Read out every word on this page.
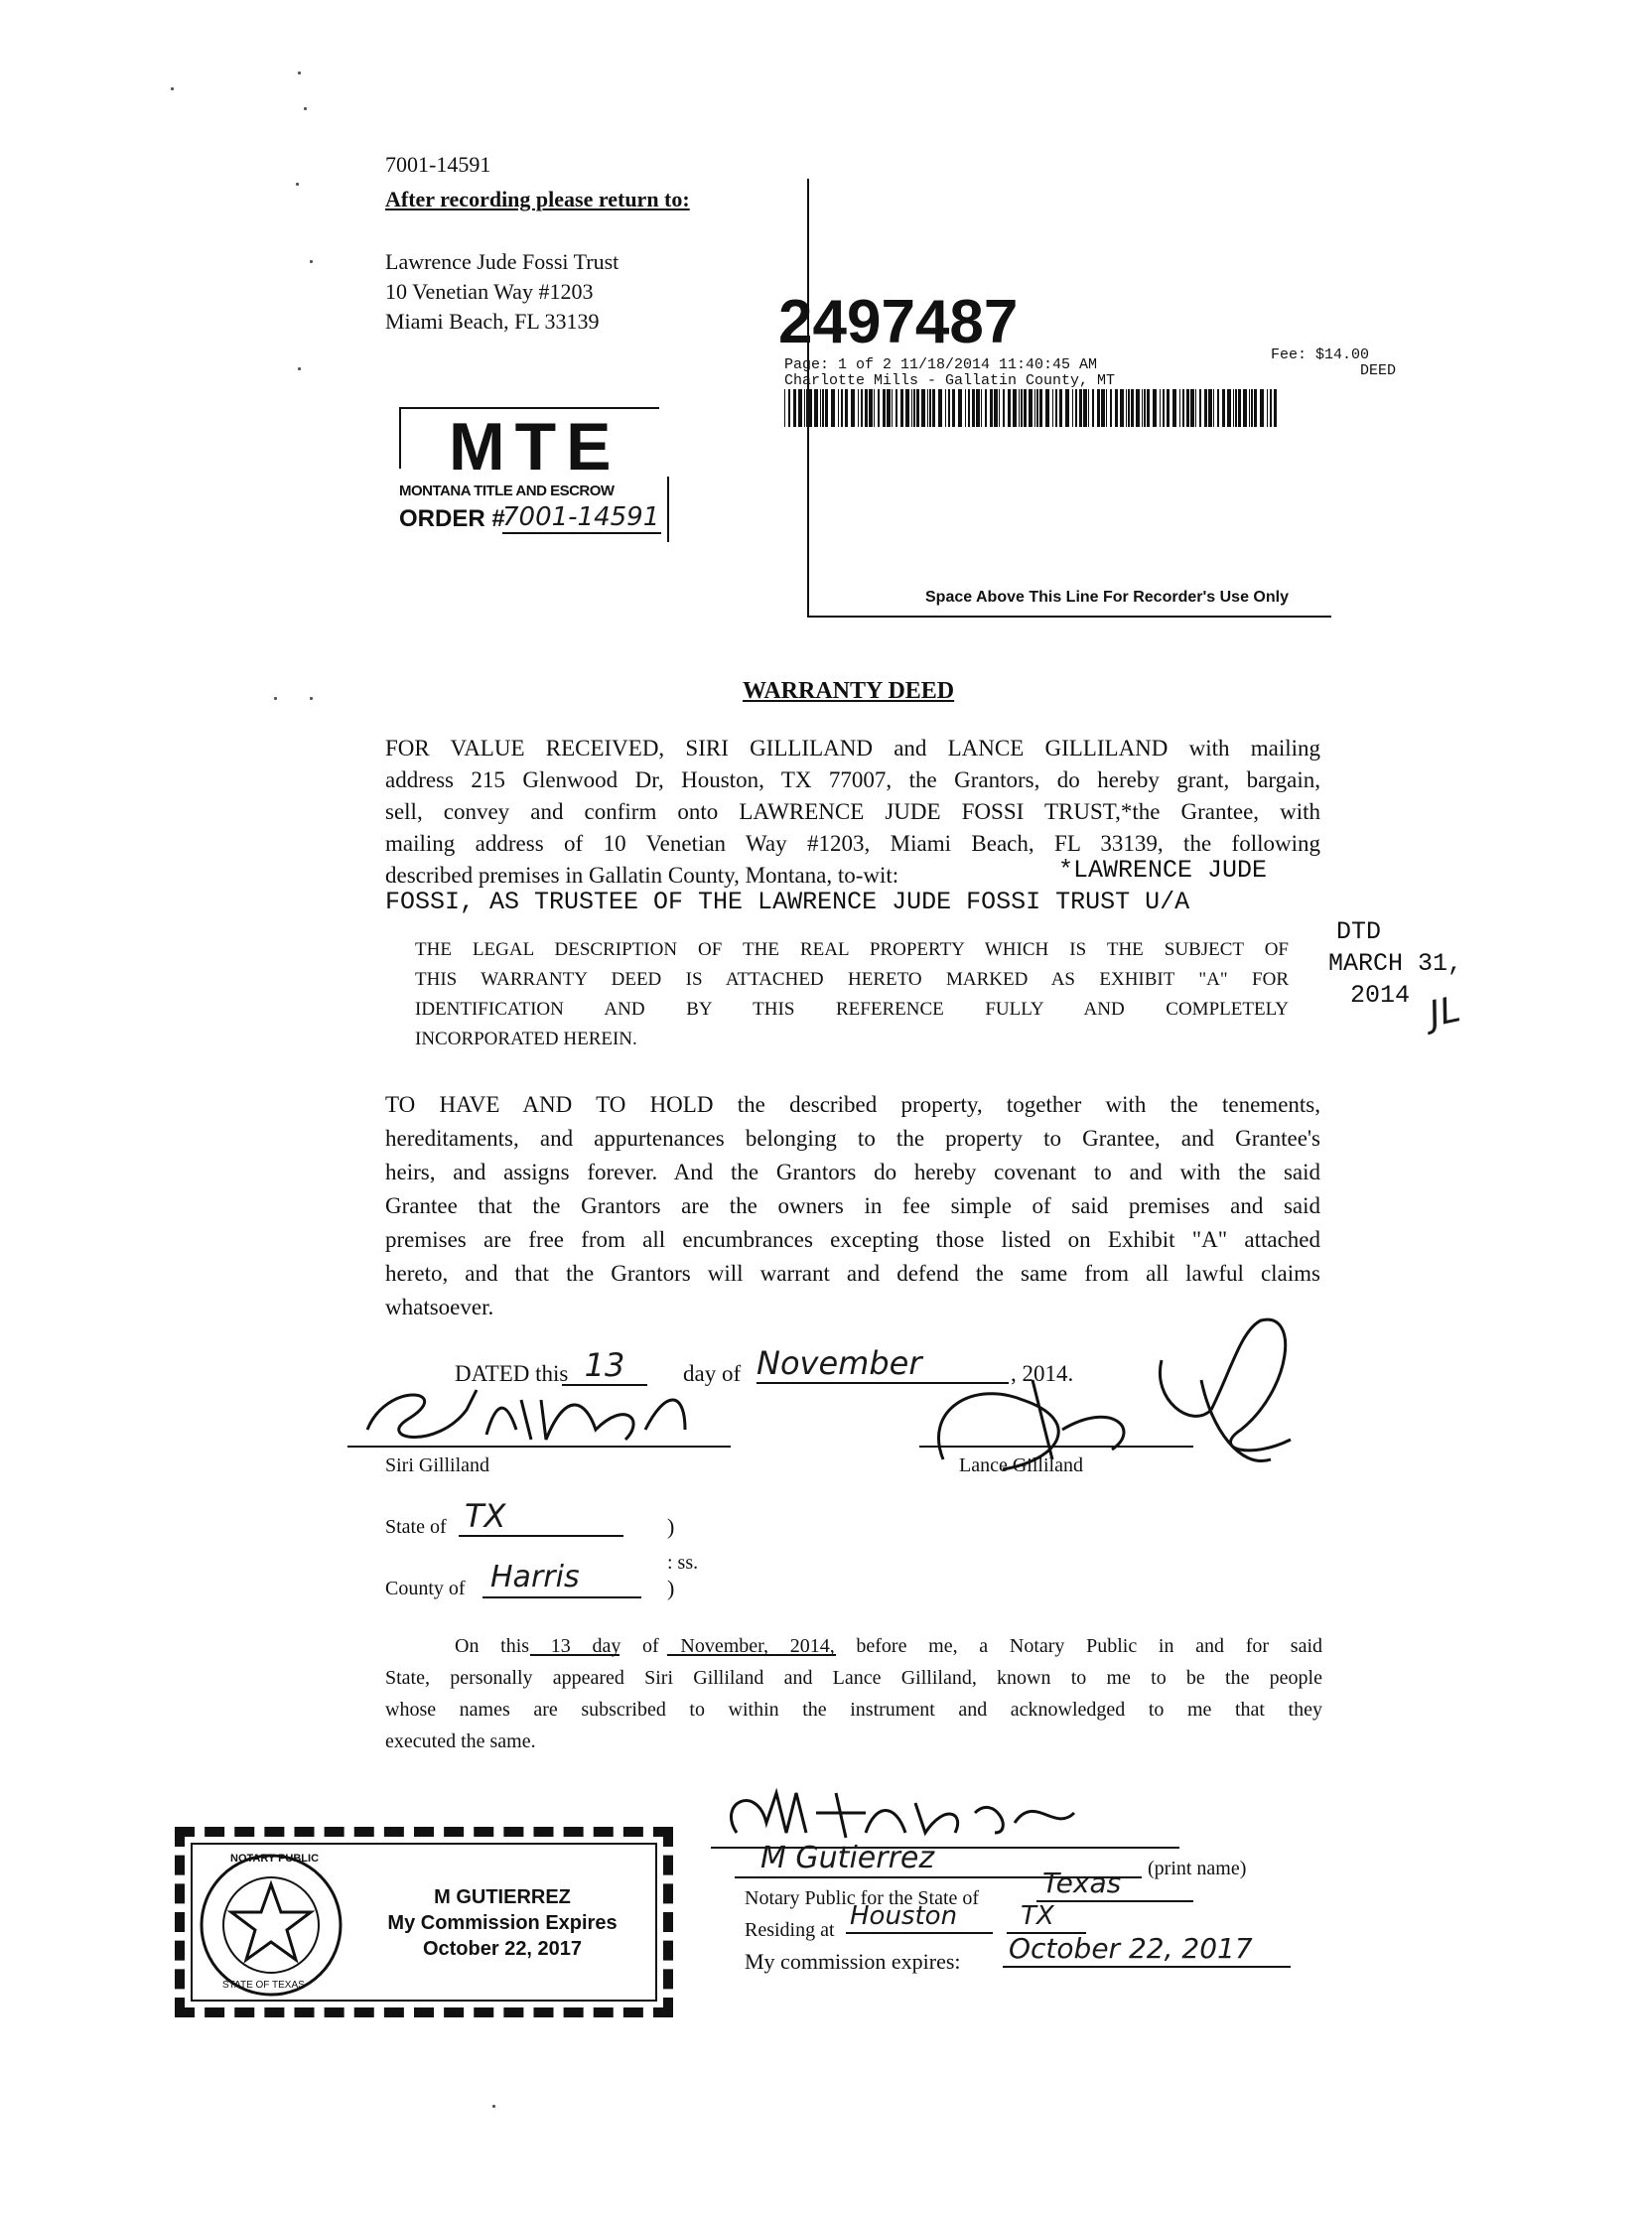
7001-14591
After recording please return to:
Lawrence Jude Fossi Trust
10 Venetian Way #1203
Miami Beach, FL 33139	2497487
Page: 1 of 2 11/18/2014 11:40:45 AM
Fee: $14.00
DEED
Charlotte Mills - Gallatin County, MT
Space Above This Line For Recorder's Use Only
MTE
MONTANA TITLE AND ESCROW
ORDER #
7001-14591
WARRANTY DEED
FOR VALUE RECEIVED, SIRI GILLILAND and LANCE GILLILAND with mailing
address 215 Glenwood Dr, Houston, TX 77007, the Grantors, do hereby grant, bargain,
sell, convey and confirm onto LAWRENCE JUDE FOSSI TRUST,*the Grantee, with
mailing address of 10 Venetian Way #1203, Miami Beach, FL 33139, the following
described premises in Gallatin County, Montana, to-wit:	*LAWRENCE JUDE
FOSSI, AS TRUSTEE OF THE LAWRENCE JUDE FOSSI TRUST U/A
DTD
MARCH 31,
2014 JL
THE LEGAL DESCRIPTION OF THE REAL PROPERTY WHICH IS THE SUBJECT OF
THIS WARRANTY DEED IS ATTACHED HERETO MARKED AS EXHIBIT "A" FOR
IDENTIFICATION AND BY THIS REFERENCE FULLY AND COMPLETELY
INCORPORATED HEREIN.
TO HAVE AND TO HOLD the described property, together with the tenements,
hereditaments, and appurtenances belonging to the property to Grantee, and Grantee's
heirs, and assigns forever. And the Grantors do hereby covenant to and with the said
Grantee that the Grantors are the owners in fee simple of said premises and said
premises are free from all encumbrances excepting those listed on Exhibit "A" attached
hereto, and that the Grantors will warrant and defend the same from all lawful claims
whatsoever.
DATED this 13	day of November	, 2014.
Siri Gilliland	Lance Gilliland
State of TX	)
: ss.
County of Harris	)
On this 13 day of November, 2014, before me, a Notary Public in and for said
State, personally appeared Siri Gilliland and Lance Gilliland, known to me to be the people
whose names are subscribed to within the instrument and acknowledged to me that they
executed the same.
NOTARY PUBLIC
STATE OF TEXAS
M GUTIERREZ
My Commission Expires
October 22, 2017
M Gutierrez	(print name)
Notary Public for the State of Texas
Residing at Houston	TX
My commission expires: October 22, 2017
